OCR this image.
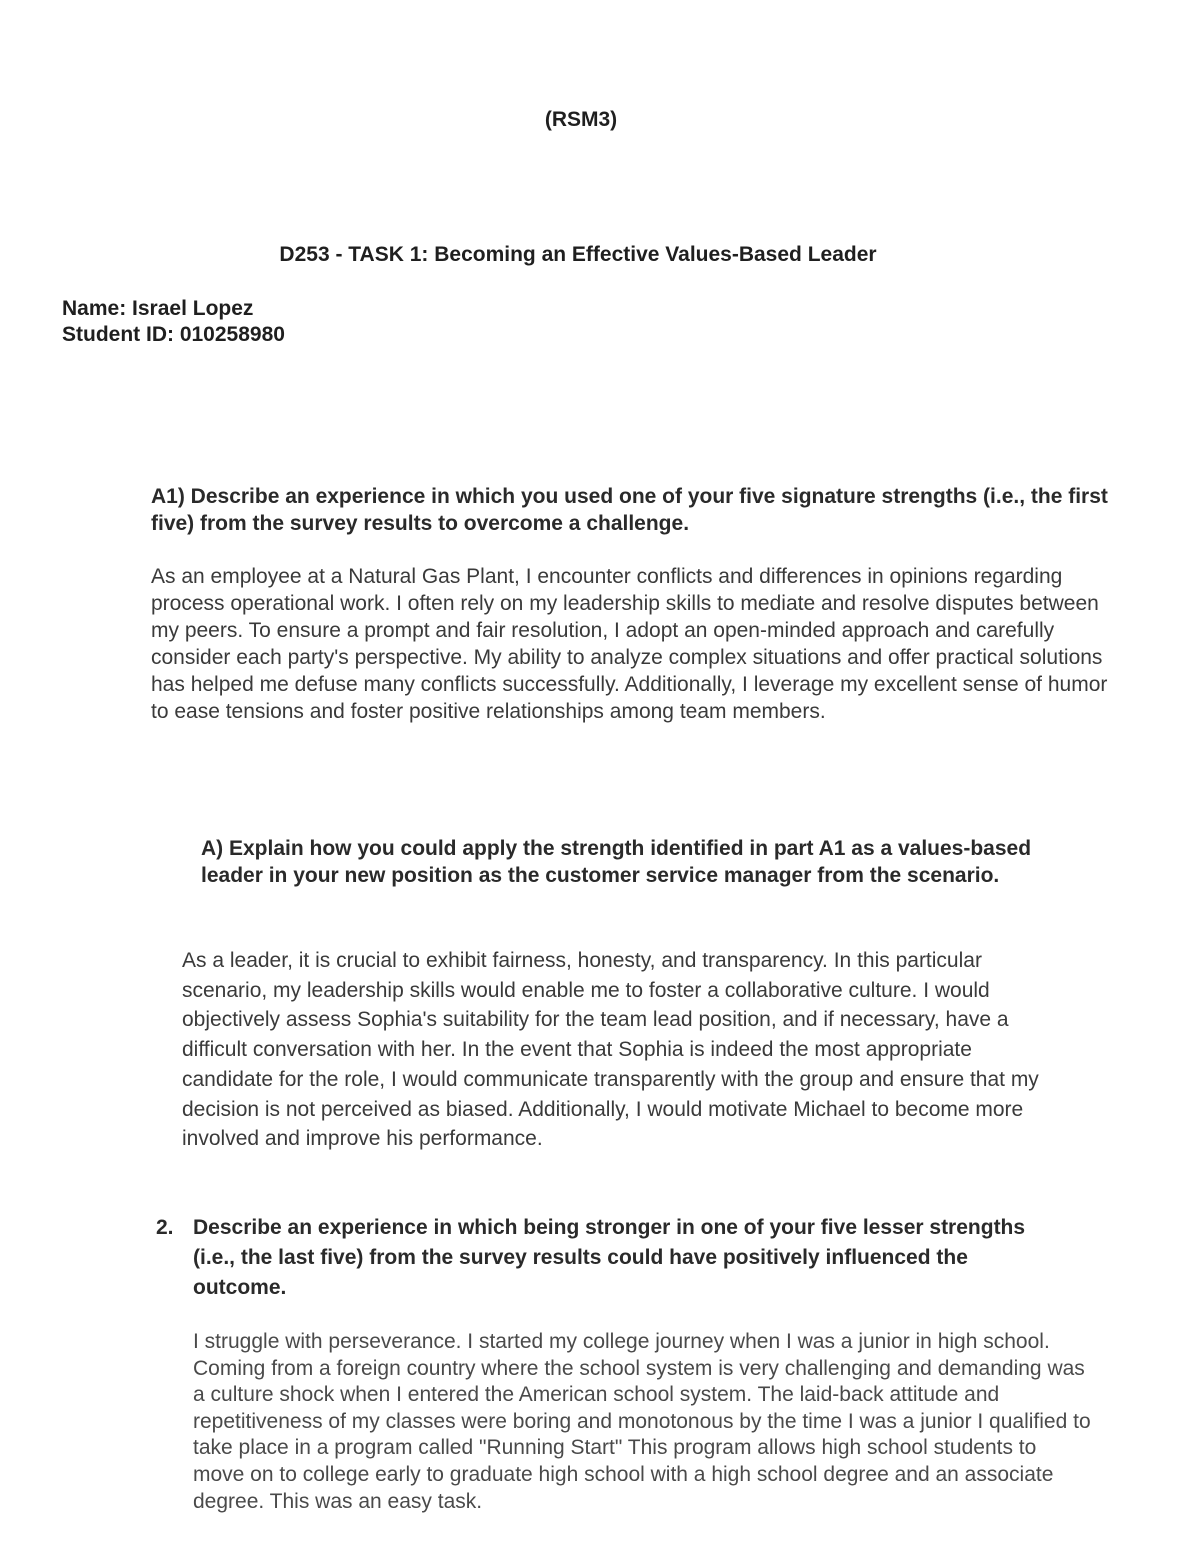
(RSM3)

D253 - TASK 1: Becoming an Effective Values-Based Leader

Name: Israel Lopez

Student ID: 010258980

A1) Describe an experience in which you used one of your five signature strengths (i.e., the first five) from the survey results to overcome a challenge.

As an employee at a Natural Gas Plant, I encounter conflicts and differences in opinions regarding process operational work. I often rely on my leadership skills to mediate and resolve disputes between my peers. To ensure a prompt and fair resolution, I adopt an open-minded approach and carefully consider each party's perspective. My ability to analyze complex situations and offer practical solutions has helped me defuse many conflicts successfully. Additionally, I leverage my excellent sense of humor to ease tensions and foster positive relationships among team members.

A) Explain how you could apply the strength identified in part A1 as a values-based leader in your new position as the customer service manager from the scenario.

As a leader, it is crucial to exhibit fairness, honesty, and transparency. In this particular scenario, my leadership skills would enable me to foster a collaborative culture. I would objectively assess Sophia's suitability for the team lead position, and if necessary, have a difficult conversation with her. In the event that Sophia is indeed the most appropriate candidate for the role, I would communicate transparently with the group and ensure that my decision is not perceived as biased. Additionally, I would motivate Michael to become more involved and improve his performance.

2. Describe an experience in which being stronger in one of your five lesser strengths (i.e., the last five) from the survey results could have positively influenced the outcome.

I struggle with perseverance. I started my college journey when I was a junior in high school. Coming from a foreign country where the school system is very challenging and demanding was a culture shock when I entered the American school system. The laid-back attitude and repetitiveness of my classes were boring and monotonous by the time I was a junior I qualified to take place in a program called "Running Start" This program allows high school students to move on to college early to graduate high school with a high school degree and an associate degree. This was an easy task.
